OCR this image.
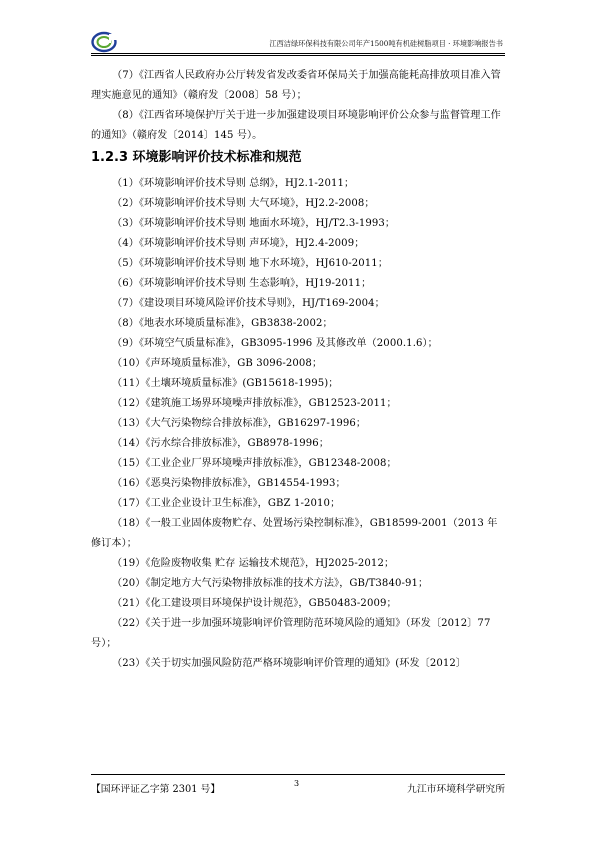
江西洁绿环保科技有限公司年产1500吨有机硅树脂项目 · 环境影响报告书

（7）《江西省人民政府办公厅转发省发改委省环保局关于加强高能耗高排放项目准入管理实施意见的通知》（赣府发〔2008〕58 号）；

（8）《江西省环境保护厅关于进一步加强建设项目环境影响评价公众参与监督管理工作的通知》（赣府发〔2014〕145 号）。

1.2.3 环境影响评价技术标准和规范

（1）《环境影响评价技术导则 总纲》，HJ2.1-2011；

（2）《环境影响评价技术导则 大气环境》，HJ2.2-2008；

（3）《环境影响评价技术导则 地面水环境》，HJ/T2.3-1993；

（4）《环境影响评价技术导则 声环境》，HJ2.4-2009；

（5）《环境影响评价技术导则 地下水环境》，HJ610-2011；

（6）《环境影响评价技术导则 生态影响》，HJ19-2011；

（7）《建设项目环境风险评价技术导则》，HJ/T169-2004；

（8）《地表水环境质量标准》，GB3838-2002；

（9）《环境空气质量标准》，GB3095-1996 及其修改单（2000.1.6）；

（10）《声环境质量标准》，GB 3096-2008；

（11）《土壤环境质量标准》(GB15618-1995)；

（12）《建筑施工场界环境噪声排放标准》，GB12523-2011；

（13）《大气污染物综合排放标准》，GB16297-1996；

（14）《污水综合排放标准》，GB8978-1996；

（15）《工业企业厂界环境噪声排放标准》，GB12348-2008；

（16）《恶臭污染物排放标准》，GB14554-1993；

（17）《工业企业设计卫生标准》，GBZ 1-2010；

（18）《一般工业固体废物贮存、处置场污染控制标准》，GB18599-2001（2013 年修订本）；

（19）《危险废物收集 贮存 运输技术规范》，HJ2025-2012；

（20）《制定地方大气污染物排放标准的技术方法》，GB/T3840-91；

（21）《化工建设项目环境保护设计规范》，GB50483-2009；

（22）《关于进一步加强环境影响评价管理防范环境风险的通知》（环发〔2012〕77 号）；

（23）《关于切实加强风险防范严格环境影响评价管理的通知》(环发〔2012〕

【国环评证乙字第 2301 号】
3
九江市环境科学研究所
